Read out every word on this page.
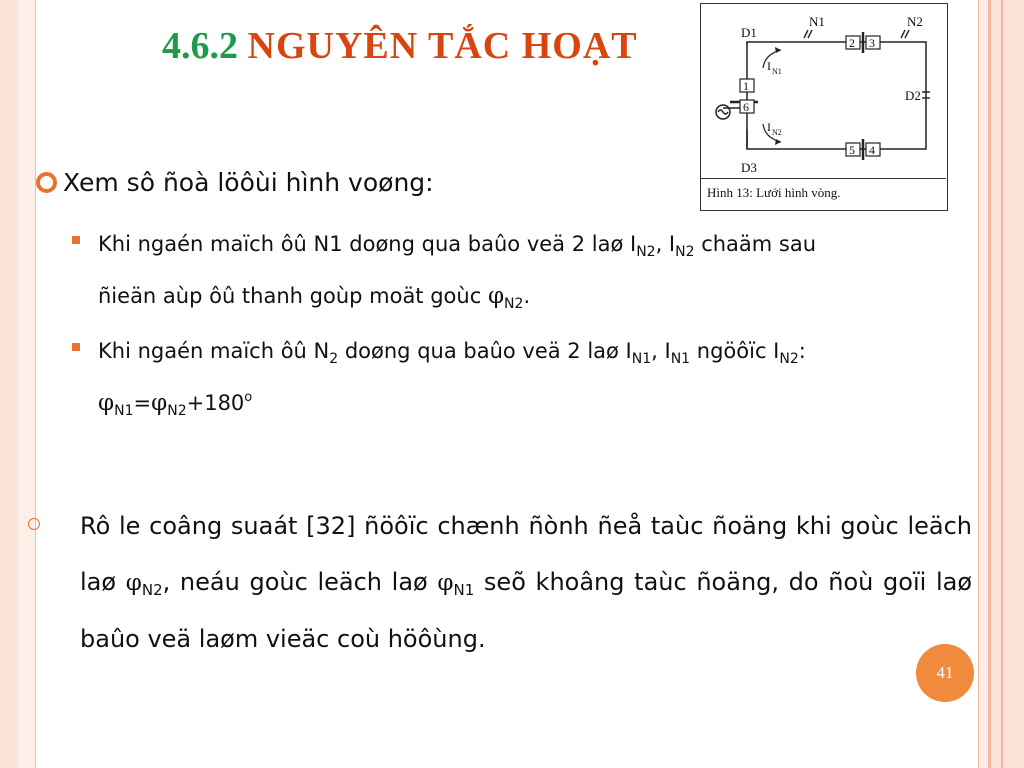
4.6.2 NGUYÊN TẮC HOẠT	D1
N1	N2
D2
D3
1
6
2 3
5 4
I N1
I N2
Hình 13: Lưới hình vòng.
Xem sô ñoà löôùi hình voøng:
Khi ngaén maïch ôû N1 doøng qua baûo veä 2 laø $I_{N2}$, $I_{N2}$ chaäm sau
ñieän aùp ôû thanh goùp moät goùc $\varphi_{N2}$.
Khi ngaén maïch ôû $N_2$ doøng qua baûo veä 2 laø $I_{N1}$, $I_{N1}$ ngöôïc $I_{N2}$:
$\varphi_{N1}=\varphi_{N2}+180^o$
Rô le coâng suaát [32] ñöôïc chænh ñònh ñeå taùc ñoäng khi goùc leäch laø $\varphi_{N2}$, neáu goùc leäch laø $\varphi_{N1}$ seõ khoâng taùc ñoäng, do ñoù goïi laø baûo veä laøm vieäc coù höôùng.
41
